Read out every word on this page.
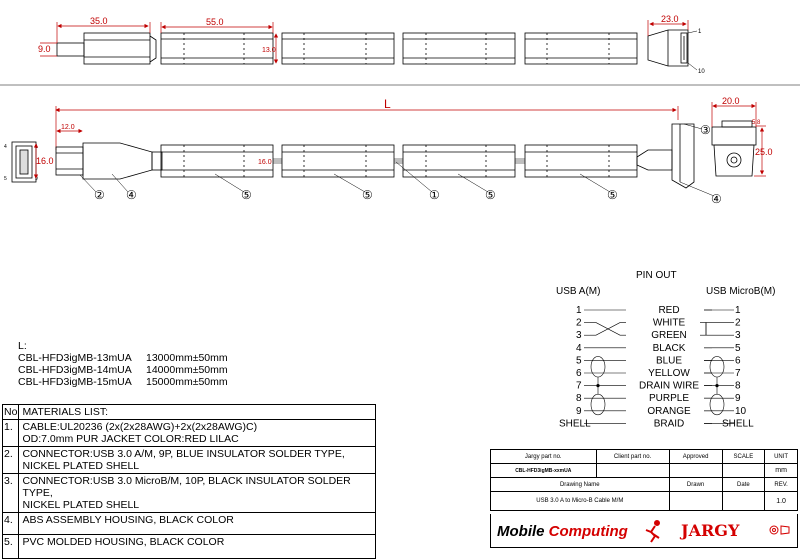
35.0
9.0
55.0
13.0
23.0
1
10
L
4	1
5	9
12.0
16.0	16.0
20.0
5.8
25.0
② ④	⑤	⑤	①	⑤	⑤	④
③
PIN OUT
USB A(M)	USB MicroB(M)
1	RED	1
2	WHITE	2
3	GREEN	3
4	BLACK	5
5	BLUE	6
6	YELLOW	7
7	DRAIN WIRE	8
8	PURPLE	9
9	ORANGE	10
SHELL	BRAID	SHELL
L:
CBL-HFD3igMB-13mUA 13000mm±50mm
CBL-HFD3igMB-14mUA 14000mm±50mm
CBL-HFD3igMB-15mUA 15000mm±50mm
No	MATERIALS LIST:
1.	CABLE:UL20236 (2x(2x28AWG)+2x(2x28AWG)C)
OD:7.0mm PUR JACKET COLOR:RED LILAC

2.	CONNECTOR:USB 3.0 A/M, 9P, BLUE INSULATOR SOLDER TYPE,
NICKEL PLATED SHELL

3.	CONNECTOR:USB 3.0 MicroB/M, 10P, BLACK INSULATOR SOLDER TYPE,
NICKEL PLATED SHELL

4.	ABS ASSEMBLY HOUSING, BLACK COLOR

5.	PVC MOLDED HOUSING, BLACK COLOR
Jargy part no.	Client part no.	Approved	SCALE	UNIT
CBL-HFD3igMB-xxmUA				mm
Drawing Name		Drawn	Date	REV.
USB 3.0 A to Micro-B Cable M/M				1.0
Mobile Computing	JARGY
